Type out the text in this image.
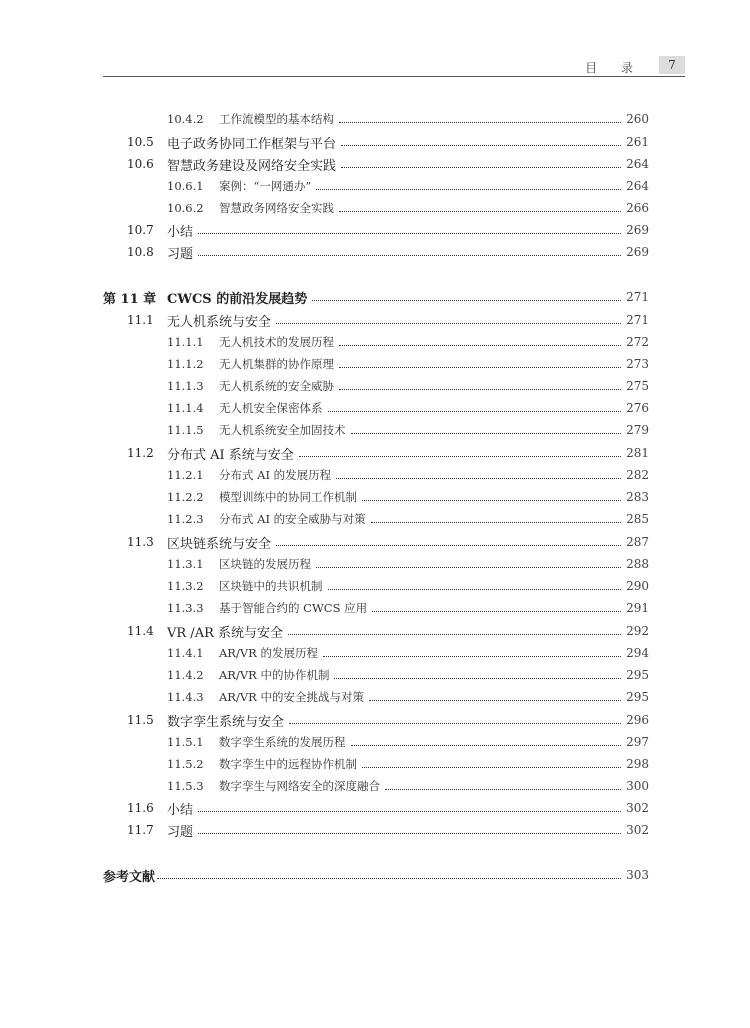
目 录	7
10.4.2	工作流模型的基本结构	260
10.5	电子政务协同工作框架与平台	261
10.6	智慧政务建设及网络安全实践	264
10.6.1	案例：“一网通办”	264
10.6.2	智慧政务网络安全实践	266
10.7	小结	269
10.8	习题	269
第 11 章 CWCS 的前沿发展趋势	271
11.1	无人机系统与安全	271
11.1.1	无人机技术的发展历程	272
11.1.2	无人机集群的协作原理	273
11.1.3	无人机系统的安全威胁	275
11.1.4	无人机安全保密体系	276
11.1.5	无人机系统安全加固技术	279
11.2	分布式 AI 系统与安全	281
11.2.1	分布式 AI 的发展历程	282
11.2.2	模型训练中的协同工作机制	283
11.2.3	分布式 AI 的安全威胁与对策	285
11.3	区块链系统与安全	287
11.3.1	区块链的发展历程	288
11.3.2	区块链中的共识机制	290
11.3.3	基于智能合约的 CWCS 应用	291
11.4	VR /AR 系统与安全	292
11.4.1	AR/VR 的发展历程	294
11.4.2	AR/VR 中的协作机制	295
11.4.3	AR/VR 中的安全挑战与对策	295
11.5	数字孪生系统与安全	296
11.5.1	数字孪生系统的发展历程	297
11.5.2	数字孪生中的远程协作机制	298
11.5.3	数字孪生与网络安全的深度融合	300
11.6	小结	302
11.7	习题	302
参考文献	303
